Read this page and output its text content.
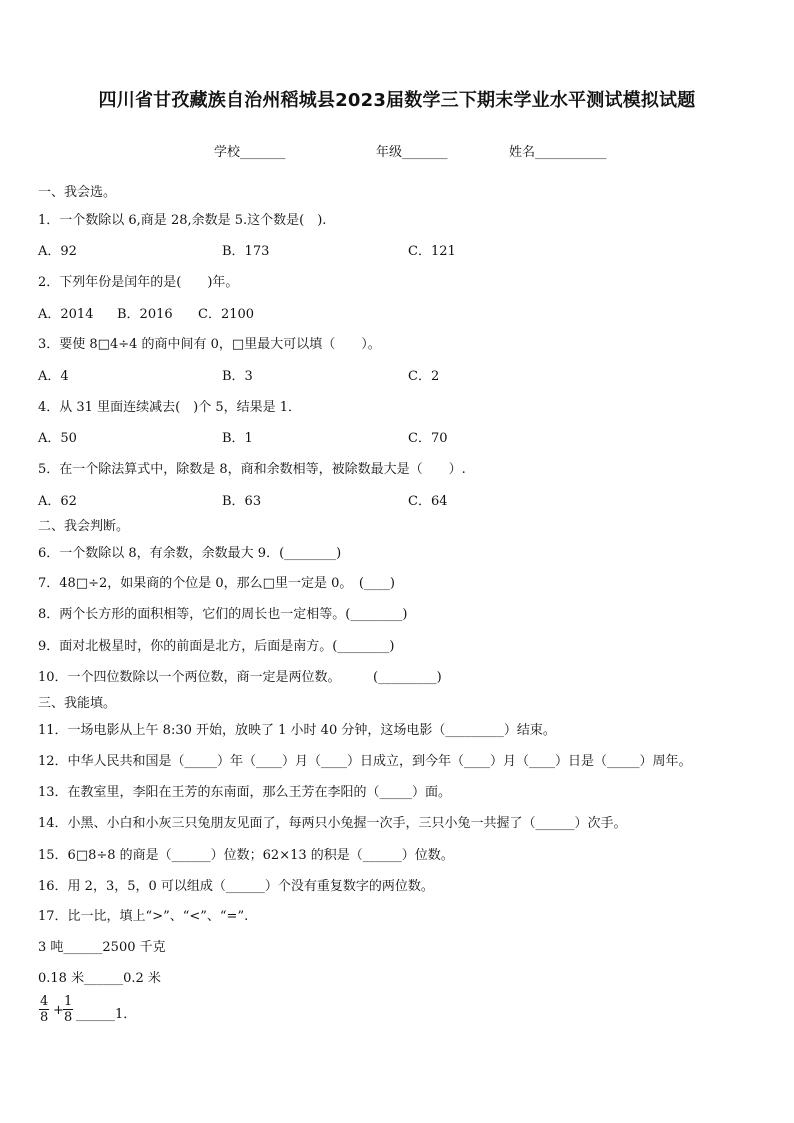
四川省甘孜藏族自治州稻城县2023届数学三下期末学业水平测试模拟试题
学校_______	年级_______	姓名___________
一、我会选。
1．一个数除以 6,商是 28,余数是 5.这个数是(　).
A．92	B．173	C．121
2．下列年份是闰年的是(　　)年。
A．2014 B．2016 C．2100
3．要使 8□4÷4 的商中间有 0，□里最大可以填（　　）。
A．4	B．3	C．2
4．从 31 里面连续减去(　)个 5，结果是 1．
A．50	B．1	C．70
5．在一个除法算式中，除数是 8，商和余数相等，被除数最大是（　　）.
A．62	B．63	C．64
二、我会判断。
6．一个数除以 8，有余数，余数最大 9．(________)
7．48□÷2，如果商的个位是 0，那么□里一定是 0。　(____)
8．两个长方形的面积相等，它们的周长也一定相等。(________)
9．面对北极星时，你的前面是北方，后面是南方。(________)
10．一个四位数除以一个两位数，商一定是两位数。　　　(_________)
三、我能填。
11．一场电影从上午 8:30 开始，放映了 1 小时 40 分钟，这场电影（_________）结束。
12．中华人民共和国是（_____）年（____）月（____）日成立，到今年（____）月（____）日是（_____）周年。
13．在教室里，李阳在王芳的东南面，那么王芳在李阳的（_____）面。
14．小黑、小白和小灰三只兔朋友见面了，每两只小兔握一次手，三只小兔一共握了（______）次手。
15．6□8÷8 的商是（______）位数；62×13 的积是（______）位数。
16．用 2，3，5，0 可以组成（______）个没有重复数字的两位数。
17．比一比，填上“>”、“<”、“=”.
3 吨______2500 千克
0.18 米______0.2 米
$\frac{4}{8} + \frac{1}{8}$ ______1．
